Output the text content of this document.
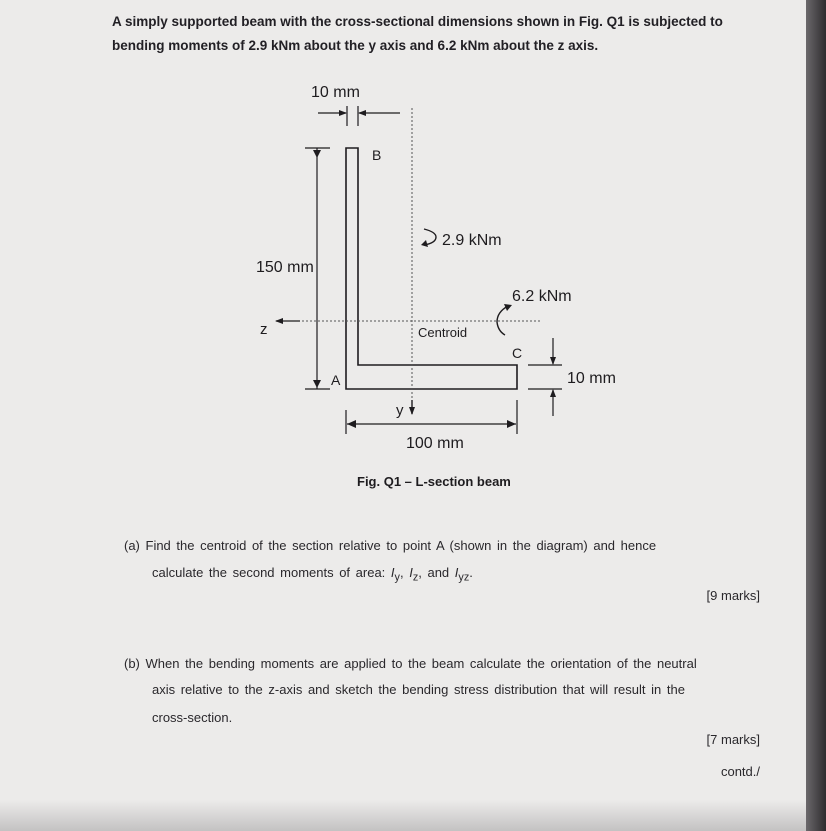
A simply supported beam with the cross-sectional dimensions shown in Fig. Q1 is subjected to

bending moments of 2.9 kNm about the y axis and 6.2 kNm about the z axis.

10 mm
B
150 mm
2.9 kNm
6.2 kNm
z	Centroid
C
A	10 mm
y
100 mm
Fig. Q1 – L-section beam
(a) Find the centroid of the section relative to point A (shown in the diagram) and hence
calculate the second moments of area: $I_y$, $I_z$, and $I_{yz}$.
[9 marks]
(b) When the bending moments are applied to the beam calculate the orientation of the neutral
axis relative to the z-axis and sketch the bending stress distribution that will result in the
cross-section.
[7 marks]
contd./
